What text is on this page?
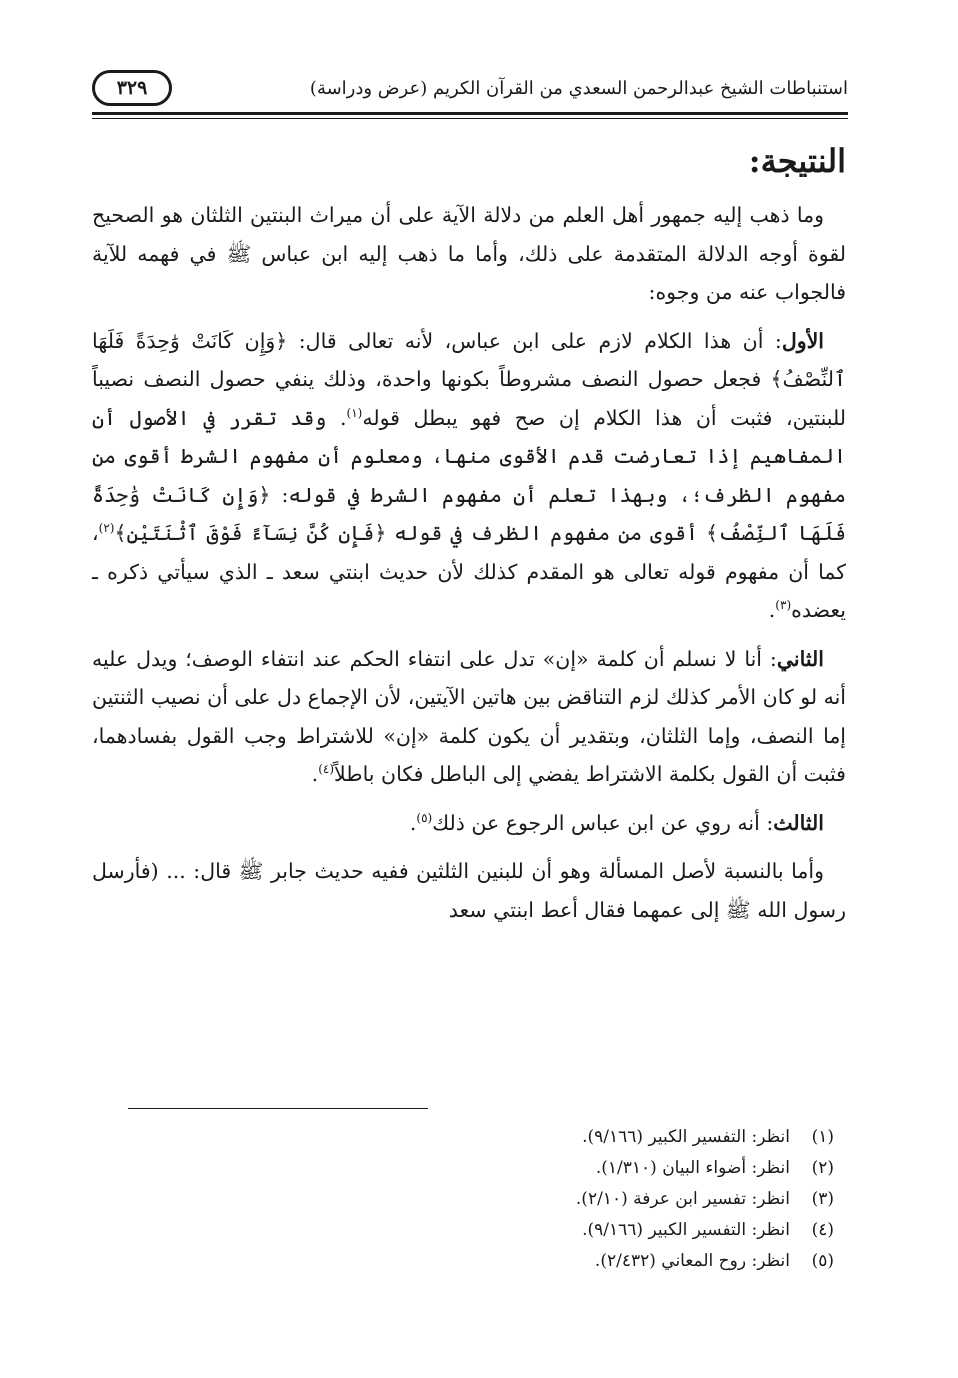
استنباطات الشيخ عبدالرحمن السعدي من القرآن الكريم (عرض ودراسة)
٣٢٩
النتيجة:

وما ذهب إليه جمهور أهل العلم من دلالة الآية على أن ميراث البنتين الثلثان هو الصحيح لقوة أوجه الدلالة المتقدمة على ذلك، وأما ما ذهب إليه ابن عباس ﷺ في فهمه للآية فالجواب عنه من وجوه:

الأول: أن هذا الكلام لازم على ابن عباس، لأنه تعالى قال: ﴿وَإِن كَانَتْ وَٰحِدَةً فَلَهَا ٱلنِّصْفُ﴾ فجعل حصول النصف مشروطاً بكونها واحدة، وذلك ينفي حصول النصف نصيباً للبنتين، فثبت أن هذا الكلام إن صح فهو يبطل قوله$^{(١)}$. وقد تقرر في الأصول أن المفاهيم إذا تعارضت قدم الأقوى منها، ومعلوم أن مفهوم الشرط أقوى من مفهوم الظرف؛، وبهذا تعلم أن مفهوم الشرط في قوله: ﴿وَإِن كَانَتْ وَٰحِدَةً فَلَهَا ٱلنِّصْفُ﴾ أقوى من مفهوم الظرف في قوله ﴿فَإِن كُنَّ نِسَآءً فَوْقَ ٱثْنَتَيْنِ﴾$^{(٢)}$، كما أن مفهوم قوله تعالى هو المقدم كذلك لأن حديث ابنتي سعد ـ الذي سيأتي ذكره ـ يعضده$^{(٣)}$.

الثاني: أنا لا نسلم أن كلمة «إن» تدل على انتفاء الحكم عند انتفاء الوصف؛ ويدل عليه أنه لو كان الأمر كذلك لزم التناقض بين هاتين الآيتين، لأن الإجماع دل على أن نصيب الثنتين إما النصف، وإما الثلثان، وبتقدير أن يكون كلمة «إن» للاشتراط وجب القول بفسادهما، فثبت أن القول بكلمة الاشتراط يفضي إلى الباطل فكان باطلاً$^{(٤)}$.

الثالث: أنه روي عن ابن عباس الرجوع عن ذلك$^{(٥)}$.

وأما بالنسبة لأصل المسألة وهو أن للبنين الثلثين ففيه حديث جابر ﷺ قال: ... (فأرسل رسول الله ﷺ إلى عمهما فقال أعط ابنتي سعد

(١)انظر: التفسير الكبير (٩/١٦٦).
(٢)انظر: أضواء البيان (١/٣١٠).
(٣)انظر: تفسير ابن عرفة (٢/١٠).
(٤)انظر: التفسير الكبير (٩/١٦٦).
(٥)انظر: روح المعاني (٢/٤٣٢).
